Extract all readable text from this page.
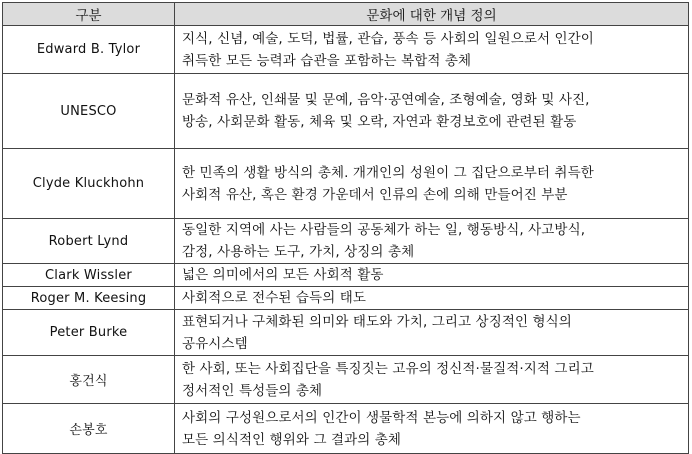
구분	문화에 대한 개념 정의
Edward B. Tylor	지식, 신념, 예술, 도덕, 법률, 관습, 풍속 등 사회의 일원으로서 인간이
취득한 모든 능력과 습관을 포함하는 복합적 총체

UNESCO	문화적 유산, 인쇄물 및 문예, 음악·공연예술, 조형예술, 영화 및 사진,
방송, 사회문화 활동, 체육 및 오락, 자연과 환경보호에 관련된 활동

Clyde Kluckhohn	한 민족의 생활 방식의 총체. 개개인의 성원이 그 집단으로부터 취득한
사회적 유산, 혹은 환경 가운데서 인류의 손에 의해 만들어진 부분

Robert Lynd	동일한 지역에 사는 사람들의 공동체가 하는 일, 행동방식, 사고방식,
감정, 사용하는 도구, 가치, 상징의 총체

Clark Wissler	넓은 의미에서의 모든 사회적 활동

Roger M. Keesing	사회적으로 전수된 습득의 태도

Peter Burke	표현되거나 구체화된 의미와 태도와 가치, 그리고 상징적인 형식의
공유시스템

홍건식	한 사회, 또는 사회집단을 특징짓는 고유의 정신적·물질적·지적 그리고
정서적인 특성들의 총체

손봉호	사회의 구성원으로서의 인간이 생물학적 본능에 의하지 않고 행하는
모든 의식적인 행위와 그 결과의 총체
